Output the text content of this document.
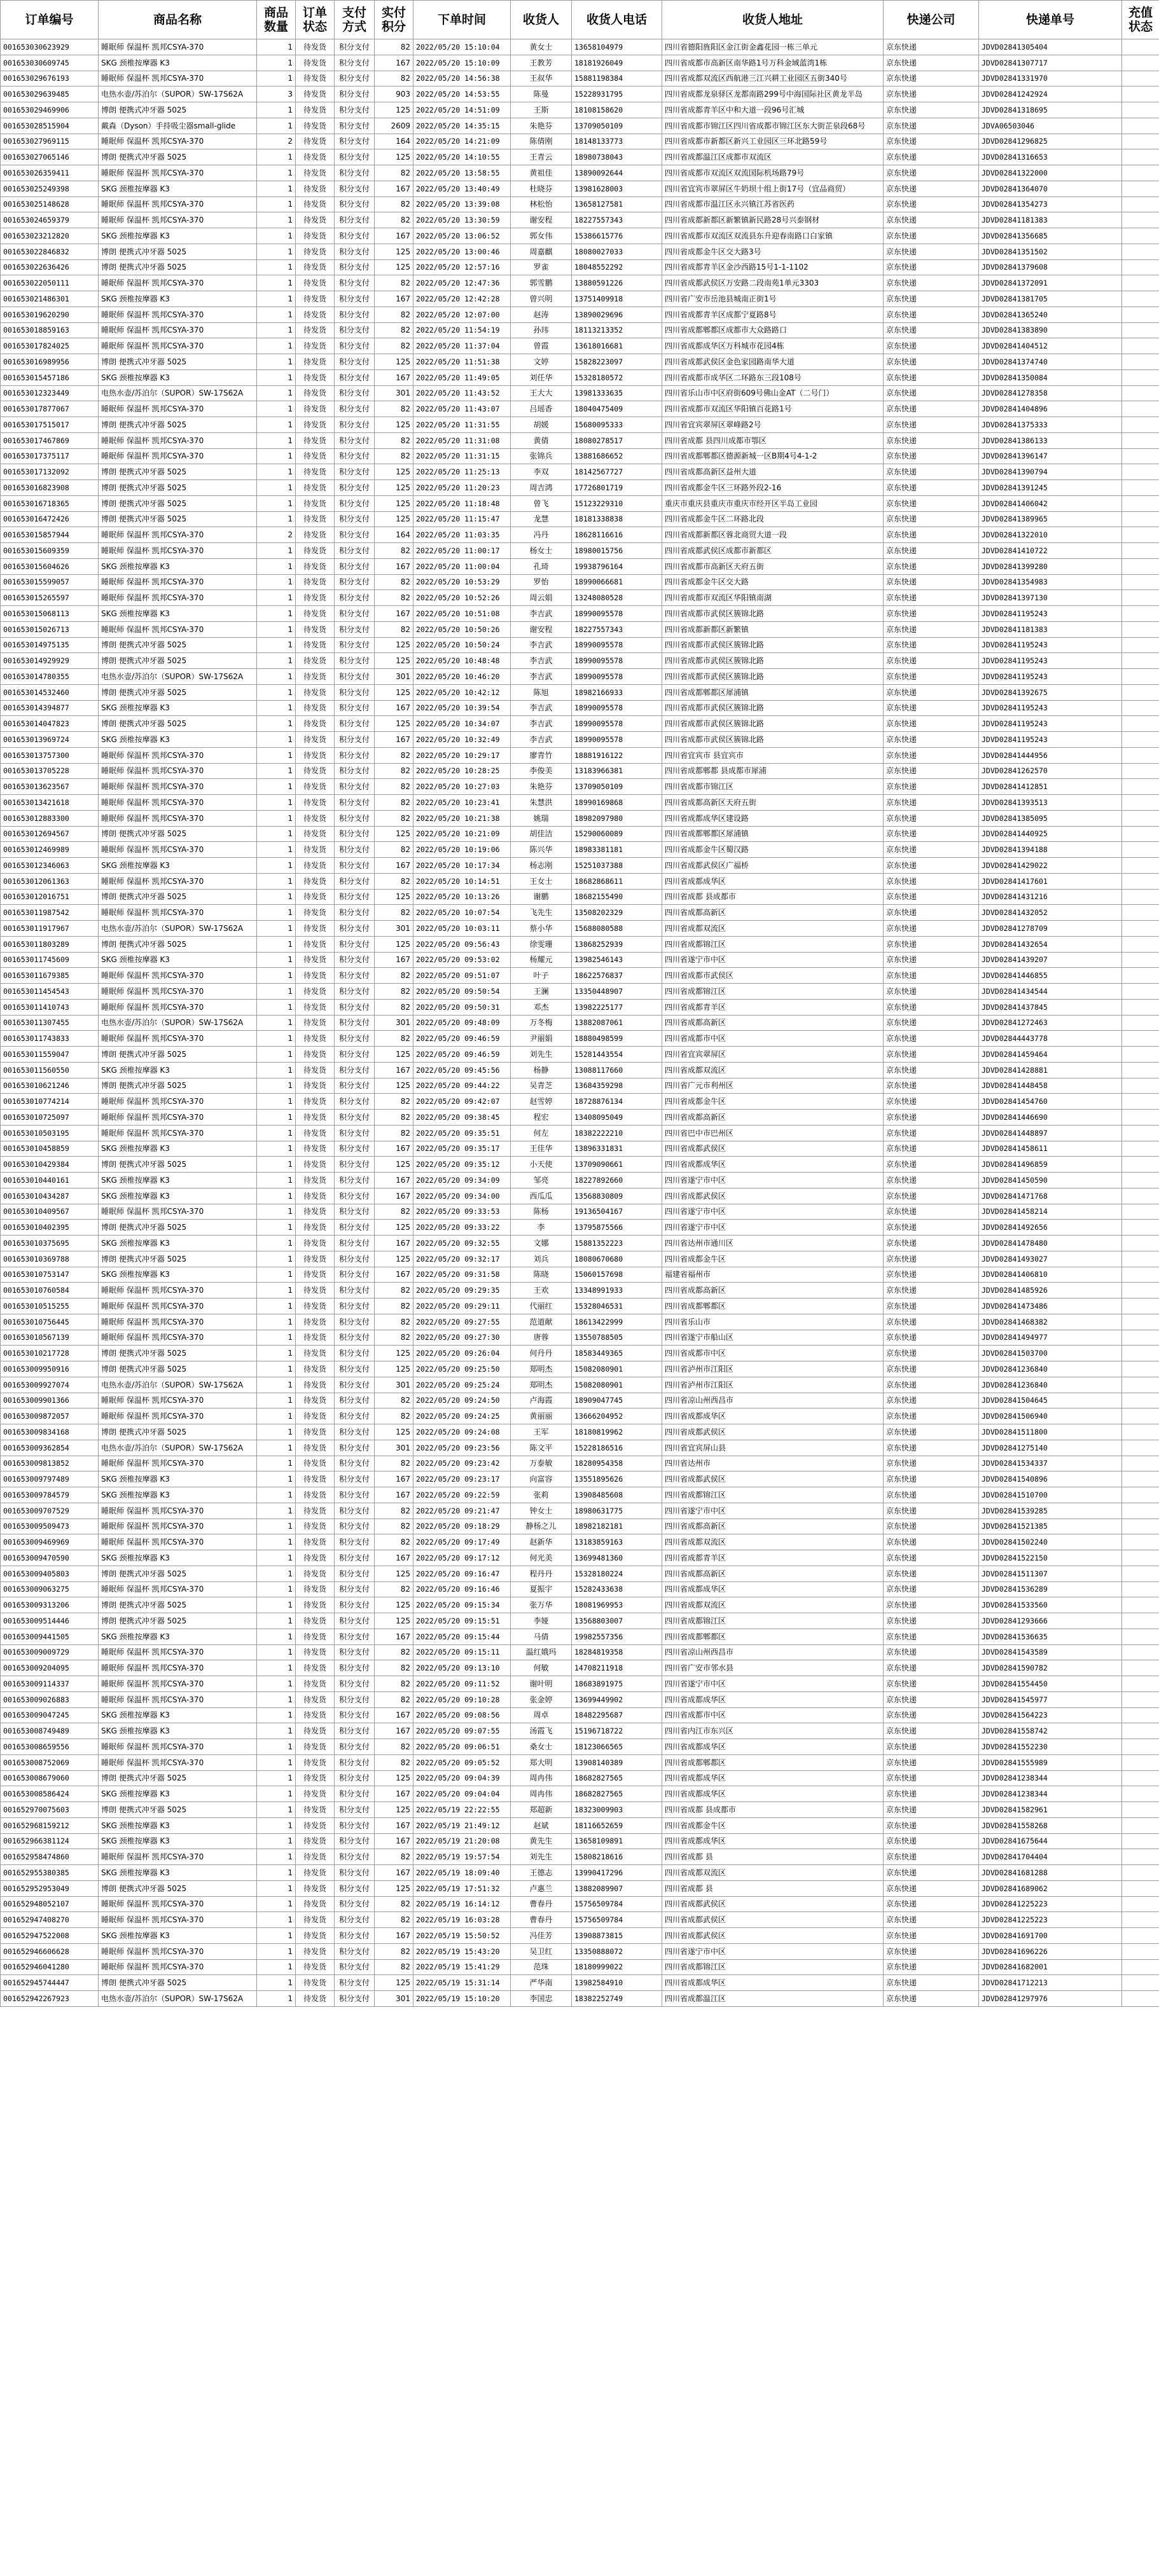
订单编号	商品名称	商品数量	订单状态	支付方式	实付积分	下单时间	收货人	收货人电话	收货人地址	快递公司	快递单号	充值状态
001653030623929	睡眠师 保温杯 凯邦CSYA-370	1	待发货	积分支付	82	2022/05/20 15:10:04	黄女士	13658104979	四川省德阳旌阳区金江街金鑫花园一栋三单元	京东快递	JDVD02841305404	
001653030609745	SKG 颈椎按摩器 K3	1	待发货	积分支付	167	2022/05/20 15:10:09	王教芳	18181926049	四川省成都市高新区南华路1号万科金域蓝湾1栋	京东快递	JDVD02841307717	
001653029676193	睡眠师 保温杯 凯邦CSYA-370	1	待发货	积分支付	82	2022/05/20 14:56:38	王叔华	15881198384	四川省成都双流区西航港三江兴耕工业园区五街340号	京东快递	JDVD02841331970	
001653029639485	电热水壶/苏泊尔（SUPOR）SW-17S62A	3	待发货	积分支付	903	2022/05/20 14:53:55	陈曼	15228931795	四川省成都龙泉驿区龙都南路299号中海国际社区黄龙半岛	京东快递	JDVD02841242924	
001653029469906	博朗 便携式冲牙器 5025	1	待发货	积分支付	125	2022/05/20 14:51:09	王斯	18108158620	四川省成都青羊区中和大道一段96号汇城	京东快递	JDVD02841318695	
001653028515904	戴森（Dyson）手持吸尘器small-glide	1	待发货	积分支付	2609	2022/05/20 14:35:15	朱艳芬	13709050109	四川省成都市锦江区四川省成都市锦江区东大街芷泉段68号	京东快递	JDVA06503046	
001653027969115	睡眠师 保温杯 凯邦CSYA-370	2	待发货	积分支付	164	2022/05/20 14:21:09	陈倩刚	18148133773	四川省成都市新都区新兴工业园区三环北路59号	京东快递	JDVD02841296825	
001653027065146	博朗 便携式冲牙器 5025	1	待发货	积分支付	125	2022/05/20 14:10:55	王青云	18980738043	四川省成都温江区成都市双流区	京东快递	JDVD02841316653	
001653026359411	睡眠师 保温杯 凯邦CSYA-370	1	待发货	积分支付	82	2022/05/20 13:58:55	黄祖佳	13890092644	四川省成都市双流区双流国际机场路79号	京东快递	JDVD02841322000	
001653025249398	SKG 颈椎按摩器 K3	1	待发货	积分支付	167	2022/05/20 13:40:49	杜晓芬	13981628003	四川省宜宾市翠屏区牛奶坝十组上街17号（宜品商贸）	京东快递	JDVD02841364070	
001653025148628	睡眠师 保温杯 凯邦CSYA-370	1	待发货	积分支付	82	2022/05/20 13:39:08	林松怡	13658127581	四川省成都市温江区永兴镇江苏省医药	京东快递	JDVD02841354273	
001653024659379	睡眠师 保温杯 凯邦CSYA-370	1	待发货	积分支付	82	2022/05/20 13:30:59	谢安程	18227557343	四川省成都新都区新繁镇新民路28号兴泰钢材	京东快递	JDVD02841181383	
001653023212820	SKG 颈椎按摩器 K3	1	待发货	积分支付	167	2022/05/20 13:06:52	郭女伟	15386615776	四川省成都市双流区双流县东升迎春南路口白家镇	京东快递	JDVD02841356685	
001653022846832	博朗 便携式冲牙器 5025	1	待发货	积分支付	125	2022/05/20 13:00:46	周嘉麒	18080027033	四川省成都金牛区交大路3号	京东快递	JDVD02841351502	
001653022636426	博朗 便携式冲牙器 5025	1	待发货	积分支付	125	2022/05/20 12:57:16	罗雀	18048552292	四川省成都青羊区金沙西路15号1-1-1102	京东快递	JDVD02841379608	
001653022050111	睡眠师 保温杯 凯邦CSYA-370	1	待发货	积分支付	82	2022/05/20 12:47:36	郭雪鹏	13880591226	四川省成都武侯区万安路二段南苑1单元3303	京东快递	JDVD02841372091	
001653021486301	SKG 颈椎按摩器 K3	1	待发货	积分支付	167	2022/05/20 12:42:28	曾兴明	13751409918	四川省广安市岳池县城南正街1号	京东快递	JDVD02841381705	
001653019620290	睡眠师 保温杯 凯邦CSYA-370	1	待发货	积分支付	82	2022/05/20 12:07:00	赵涛	13890029696	四川省成都青羊区成都宁夏路8号	京东快递	JDVD02841365240	
001653018859163	睡眠师 保温杯 凯邦CSYA-370	1	待发货	积分支付	82	2022/05/20 11:54:19	孙玮	18113213352	四川省成都郫都区成都市大众路路口	京东快递	JDVD02841383890	
001653017824025	睡眠师 保温杯 凯邦CSYA-370	1	待发货	积分支付	82	2022/05/20 11:37:04	曾霞	13618016681	四川省成都成华区万科城市花园4栋	京东快递	JDVD02841404512	
001653016989956	博朗 便携式冲牙器 5025	1	待发货	积分支付	125	2022/05/20 11:51:38	文婷	15828223097	四川省成都武侯区金色家园路南华大道	京东快递	JDVD02841374740	
001653015457186	SKG 颈椎按摩器 K3	1	待发货	积分支付	167	2022/05/20 11:49:05	刘任华	15328180572	四川省成都市成华区二环路东三段108号	京东快递	JDVD02841350084	
001653012323449	电热水壶/苏泊尔（SUPOR）SW-17S62A	1	待发货	积分支付	301	2022/05/20 11:43:52	王大大	13981333635	四川省乐山市中区府街609号佛山金AT（二号门）	京东快递	JDVD02841278358	
001653017877067	睡眠师 保温杯 凯邦CSYA-370	1	待发货	积分支付	82	2022/05/20 11:43:07	吕瑶香	18040475409	四川省成都市双流区华阳镇百花路1号	京东快递	JDVD02841404896	
001653017515017	博朗 便携式冲牙器 5025	1	待发货	积分支付	125	2022/05/20 11:31:55	胡媛	15680095333	四川省宜宾翠屏区翠峰路2号	京东快递	JDVD02841375333	
001653017467869	睡眠师 保温杯 凯邦CSYA-370	1	待发货	积分支付	82	2022/05/20 11:31:08	黄倩	18080278517	四川省成都 县四川成都市鄂区	京东快递	JDVD02841386133	
001653017375117	睡眠师 保温杯 凯邦CSYA-370	1	待发货	积分支付	82	2022/05/20 11:31:15	张锦兵	13881686652	四川省成都郫都区德源新城一区B期4号4-1-2	京东快递	JDVD02841396147	
001653017132092	博朗 便携式冲牙器 5025	1	待发货	积分支付	125	2022/05/20 11:25:13	李双	18142567727	四川省成都高新区益州大道	京东快递	JDVD02841390794	
001653016823908	博朗 便携式冲牙器 5025	1	待发货	积分支付	125	2022/05/20 11:20:23	周吉鸿	17726801719	四川省成都金牛区三环路外段2-16	京东快递	JDVD02841391245	
001653016718365	博朗 便携式冲牙器 5025	1	待发货	积分支付	125	2022/05/20 11:18:48	曾飞	15123229310	重庆市重庆县重庆市重庆市经开区半岛工业园	京东快递	JDVD02841406042	
001653016472426	博朗 便携式冲牙器 5025	1	待发货	积分支付	125	2022/05/20 11:15:47	龙慧	18181338838	四川省成都金牛区二环路北段	京东快递	JDVD02841389965	
001653015857944	睡眠师 保温杯 凯邦CSYA-370	2	待发货	积分支付	164	2022/05/20 11:03:35	冯丹	18628116616	四川省成都新都区蓉北商贸大道一段	京东快递	JDVD02841322010	
001653015609359	睡眠师 保温杯 凯邦CSYA-370	1	待发货	积分支付	82	2022/05/20 11:00:17	杨女士	18980015756	四川省成都武侯区成都市新都区	京东快递	JDVD02841410722	
001653015604626	SKG 颈椎按摩器 K3	1	待发货	积分支付	167	2022/05/20 11:00:04	孔琦	19938796164	四川省成都市高新区天府五街	京东快递	JDVD02841399280	
001653015599057	睡眠师 保温杯 凯邦CSYA-370	1	待发货	积分支付	82	2022/05/20 10:53:29	罗怡	18990066681	四川省成都金牛区交大路	京东快递	JDVD02841354983	
001653015265597	睡眠师 保温杯 凯邦CSYA-370	1	待发货	积分支付	82	2022/05/20 10:52:26	周云娟	13248080528	四川省成都市双流区华阳镇南湖	京东快递	JDVD02841397130	
001653015068113	SKG 颈椎按摩器 K3	1	待发货	积分支付	167	2022/05/20 10:51:08	李吉武	18990095578	四川省成都市武侯区簇锦北路	京东快递	JDVD02841195243	
001653015026713	睡眠师 保温杯 凯邦CSYA-370	1	待发货	积分支付	82	2022/05/20 10:50:26	谢安程	18227557343	四川省成都新都区新繁镇	京东快递	JDVD02841181383	
001653014975135	博朗 便携式冲牙器 5025	1	待发货	积分支付	125	2022/05/20 10:50:24	李吉武	18990095578	四川省成都市武侯区簇锦北路	京东快递	JDVD02841195243	
001653014929929	博朗 便携式冲牙器 5025	1	待发货	积分支付	125	2022/05/20 10:48:48	李吉武	18990095578	四川省成都市武侯区簇锦北路	京东快递	JDVD02841195243	
001653014780355	电热水壶/苏泊尔（SUPOR）SW-17S62A	1	待发货	积分支付	301	2022/05/20 10:46:20	李吉武	18990095578	四川省成都市武侯区簇锦北路	京东快递	JDVD02841195243	
001653014532460	博朗 便携式冲牙器 5025	1	待发货	积分支付	125	2022/05/20 10:42:12	陈旭	18982166933	四川省成都郫都区犀浦镇	京东快递	JDVD02841392675	
001653014394877	SKG 颈椎按摩器 K3	1	待发货	积分支付	167	2022/05/20 10:39:54	李吉武	18990095578	四川省成都市武侯区簇锦北路	京东快递	JDVD02841195243	
001653014047823	博朗 便携式冲牙器 5025	1	待发货	积分支付	125	2022/05/20 10:34:07	李吉武	18990095578	四川省成都市武侯区簇锦北路	京东快递	JDVD02841195243	
001653013969724	SKG 颈椎按摩器 K3	1	待发货	积分支付	167	2022/05/20 10:32:49	李吉武	18990095578	四川省成都市武侯区簇锦北路	京东快递	JDVD02841195243	
001653013757300	睡眠师 保温杯 凯邦CSYA-370	1	待发货	积分支付	82	2022/05/20 10:29:17	廖青竹	18881916122	四川省宜宾市 县宜宾市	京东快递	JDVD02841444956	
001653013705228	睡眠师 保温杯 凯邦CSYA-370	1	待发货	积分支付	82	2022/05/20 10:28:25	李俊美	13183966381	四川省成都郫都 县成都市犀浦	京东快递	JDVD02841262570	
001653013623567	睡眠师 保温杯 凯邦CSYA-370	1	待发货	积分支付	82	2022/05/20 10:27:03	朱艳芬	13709050109	四川省成都市锦江区	京东快递	JDVD02841412851	
001653013421618	睡眠师 保温杯 凯邦CSYA-370	1	待发货	积分支付	82	2022/05/20 10:23:41	朱慧洪	18990169868	四川省成都高新区天府五街	京东快递	JDVD02841393513	
001653012883300	睡眠师 保温杯 凯邦CSYA-370	1	待发货	积分支付	82	2022/05/20 10:21:38	姚瑞	18982097980	四川省成都成华区建设路	京东快递	JDVD02841385095	
001653012694567	博朗 便携式冲牙器 5025	1	待发货	积分支付	125	2022/05/20 10:21:09	胡佳洁	15290060089	四川省成都郫都区犀浦镇	京东快递	JDVD02841440925	
001653012469989	睡眠师 保温杯 凯邦CSYA-370	1	待发货	积分支付	82	2022/05/20 10:19:06	陈兴华	18983381181	四川省成都金牛区蜀汉路	京东快递	JDVD02841394188	
001653012346063	SKG 颈椎按摩器 K3	1	待发货	积分支付	167	2022/05/20 10:17:34	杨志刚	15251037388	四川省成都武侯区广福桥	京东快递	JDVD02841429022	
001653012061363	睡眠师 保温杯 凯邦CSYA-370	1	待发货	积分支付	82	2022/05/20 10:14:51	王女士	18682868611	四川省成都成华区	京东快递	JDVD02841417601	
001653012016751	博朗 便携式冲牙器 5025	1	待发货	积分支付	125	2022/05/20 10:13:26	谢鹏	18682155490	四川省成都 县成都市	京东快递	JDVD02841431216	
001653011987542	睡眠师 保温杯 凯邦CSYA-370	1	待发货	积分支付	82	2022/05/20 10:07:54	飞先生	13508202329	四川省成都高新区	京东快递	JDVD02841432052	
001653011917967	电热水壶/苏泊尔（SUPOR）SW-17S62A	1	待发货	积分支付	301	2022/05/20 10:03:11	蔡小华	15688080588	四川省成都双流区	京东快递	JDVD02841278709	
001653011803289	博朗 便携式冲牙器 5025	1	待发货	积分支付	125	2022/05/20 09:56:43	徐雯珊	13868252939	四川省成都锦江区	京东快递	JDVD02841432654	
001653011745609	SKG 颈椎按摩器 K3	1	待发货	积分支付	167	2022/05/20 09:53:02	杨耀元	13982546143	四川省遂宁市中区	京东快递	JDVD02841439207	
001653011679385	睡眠师 保温杯 凯邦CSYA-370	1	待发货	积分支付	82	2022/05/20 09:51:07	叶子	18622576837	四川省成都市武侯区	京东快递	JDVD02841446855	
001653011454543	睡眠师 保温杯 凯邦CSYA-370	1	待发货	积分支付	82	2022/05/20 09:50:54	王澜	13350448907	四川省成都锦江区	京东快递	JDVD02841434544	
001653011410743	睡眠师 保温杯 凯邦CSYA-370	1	待发货	积分支付	82	2022/05/20 09:50:31	邓杰	13982225177	四川省成都青羊区	京东快递	JDVD02841437845	
001653011307455	电热水壶/苏泊尔（SUPOR）SW-17S62A	1	待发货	积分支付	301	2022/05/20 09:48:09	万冬梅	13882087061	四川省成都高新区	京东快递	JDVD02841272463	
001653011743833	睡眠师 保温杯 凯邦CSYA-370	1	待发货	积分支付	82	2022/05/20 09:46:59	尹丽娟	18880498599	四川省成都市中区	京东快递	JDVD02844443778	
001653011559047	博朗 便携式冲牙器 5025	1	待发货	积分支付	125	2022/05/20 09:46:59	刘先生	15281443554	四川省宜宾翠屏区	京东快递	JDVD02841459464	
001653011560550	SKG 颈椎按摩器 K3	1	待发货	积分支付	167	2022/05/20 09:45:56	杨静	13088117660	四川省成都双流区	京东快递	JDVD02841428881	
001653010621246	博朗 便携式冲牙器 5025	1	待发货	积分支付	125	2022/05/20 09:44:22	吴青芝	13684359298	四川省广元市利州区	京东快递	JDVD02841448458	
001653010774214	睡眠师 保温杯 凯邦CSYA-370	1	待发货	积分支付	82	2022/05/20 09:42:07	赵雪婷	18728876134	四川省成都金牛区	京东快递	JDVD02841454760	
001653010725097	睡眠师 保温杯 凯邦CSYA-370	1	待发货	积分支付	82	2022/05/20 09:38:45	程宏	13408095049	四川省成都高新区	京东快递	JDVD02841446690	
001653010503195	睡眠师 保温杯 凯邦CSYA-370	1	待发货	积分支付	82	2022/05/20 09:35:51	何左	18382222210	四川省巴中市巴州区	京东快递	JDVD02841448897	
001653010458859	SKG 颈椎按摩器 K3	1	待发货	积分支付	167	2022/05/20 09:35:17	王佳华	13896331831	四川省成都武侯区	京东快递	JDVD02841458611	
001653010429384	博朗 便携式冲牙器 5025	1	待发货	积分支付	125	2022/05/20 09:35:12	小天使	13709090661	四川省成都成华区	京东快递	JDVD02841496859	
001653010440161	SKG 颈椎按摩器 K3	1	待发货	积分支付	167	2022/05/20 09:34:09	邹亮	18227892660	四川省遂宁市中区	京东快递	JDVD02841450590	
001653010434287	SKG 颈椎按摩器 K3	1	待发货	积分支付	167	2022/05/20 09:34:00	西瓜瓜	13568830809	四川省成都武侯区	京东快递	JDVD02841471768	
001653010409567	睡眠师 保温杯 凯邦CSYA-370	1	待发货	积分支付	82	2022/05/20 09:33:53	陈杨	19136504167	四川省遂宁市中区	京东快递	JDVD02841458214	
001653010402395	博朗 便携式冲牙器 5025	1	待发货	积分支付	125	2022/05/20 09:33:22	李	13795875566	四川省遂宁市中区	京东快递	JDVD02841492656	
001653010375695	SKG 颈椎按摩器 K3	1	待发货	积分支付	167	2022/05/20 09:32:55	文娜	15881352223	四川省达州市通川区	京东快递	JDVD02841478480	
001653010369788	博朗 便携式冲牙器 5025	1	待发货	积分支付	125	2022/05/20 09:32:17	刘兵	18080670680	四川省成都金牛区	京东快递	JDVD02841493027	
001653010753147	SKG 颈椎按摩器 K3	1	待发货	积分支付	167	2022/05/20 09:31:58	陈晓	15060157698	福建省福州市	京东快递	JDVD02841406810	
001653010760584	睡眠师 保温杯 凯邦CSYA-370	1	待发货	积分支付	82	2022/05/20 09:29:35	王欢	13348991933	四川省成都高新区	京东快递	JDVD02841485926	
001653010515255	睡眠师 保温杯 凯邦CSYA-370	1	待发货	积分支付	82	2022/05/20 09:29:11	代丽红	15328046531	四川省成都郫都区	京东快递	JDVD02841473486	
001653010756445	睡眠师 保温杯 凯邦CSYA-370	1	待发货	积分支付	82	2022/05/20 09:27:55	范道献	18613422999	四川省乐山市	京东快递	JDVD02841468382	
001653010567139	睡眠师 保温杯 凯邦CSYA-370	1	待发货	积分支付	82	2022/05/20 09:27:30	唐蓉	13550788505	四川省遂宁市船山区	京东快递	JDVD02841494977	
001653010217728	博朗 便携式冲牙器 5025	1	待发货	积分支付	125	2022/05/20 09:26:04	何丹丹	18583449365	四川省成都市中区	京东快递	JDVD02841503700	
001653009950916	博朗 便携式冲牙器 5025	1	待发货	积分支付	125	2022/05/20 09:25:50	郑明杰	15082080901	四川省泸州市江阳区	京东快递	JDVD02841236840	
001653009927074	电热水壶/苏泊尔（SUPOR）SW-17S62A	1	待发货	积分支付	301	2022/05/20 09:25:24	郑明杰	15082080901	四川省泸州市江阳区	京东快递	JDVD02841236840	
001653009901366	睡眠师 保温杯 凯邦CSYA-370	1	待发货	积分支付	82	2022/05/20 09:24:50	卢海霞	18909047745	四川省凉山州西昌市	京东快递	JDVD02841504645	
001653009872057	睡眠师 保温杯 凯邦CSYA-370	1	待发货	积分支付	82	2022/05/20 09:24:25	黄丽丽	13666204952	四川省成都成华区	京东快递	JDVD02841506940	
001653009834168	博朗 便携式冲牙器 5025	1	待发货	积分支付	125	2022/05/20 09:24:08	王军	18180819962	四川省成都武侯区	京东快递	JDVD02841511800	
001653009362854	电热水壶/苏泊尔（SUPOR）SW-17S62A	1	待发货	积分支付	301	2022/05/20 09:23:56	陈文平	15228186516	四川省宜宾屏山县	京东快递	JDVD02841275140	
001653009813852	睡眠师 保温杯 凯邦CSYA-370	1	待发货	积分支付	82	2022/05/20 09:23:42	万泰敏	18280954358	四川省达州市	京东快递	JDVD02841534337	
001653009797489	SKG 颈椎按摩器 K3	1	待发货	积分支付	167	2022/05/20 09:23:17	向富容	13551895626	四川省成都武侯区	京东快递	JDVD02841540896	
001653009784579	SKG 颈椎按摩器 K3	1	待发货	积分支付	167	2022/05/20 09:22:59	张莉	13908485608	四川省成都锦江区	京东快递	JDVD02841510700	
001653009707529	睡眠师 保温杯 凯邦CSYA-370	1	待发货	积分支付	82	2022/05/20 09:21:47	钟女士	18980631775	四川省遂宁市中区	京东快递	JDVD02841539285	
001653009509473	睡眠师 保温杯 凯邦CSYA-370	1	待发货	积分支付	82	2022/05/20 09:18:29	静杨之儿	18982182181	四川省成都高新区	京东快递	JDVD02841521385	
001653009469969	睡眠师 保温杯 凯邦CSYA-370	1	待发货	积分支付	82	2022/05/20 09:17:49	赵新华	13183859163	四川省成都双流区	京东快递	JDVD02841502240	
001653009470590	SKG 颈椎按摩器 K3	1	待发货	积分支付	167	2022/05/20 09:17:12	何光美	13699481360	四川省成都青羊区	京东快递	JDVD02841522150	
001653009405803	博朗 便携式冲牙器 5025	1	待发货	积分支付	125	2022/05/20 09:16:47	程丹丹	15328180224	四川省成都高新区	京东快递	JDVD02841511307	
001653009063275	睡眠师 保温杯 凯邦CSYA-370	1	待发货	积分支付	82	2022/05/20 09:16:46	夏振宇	15282433638	四川省成都成华区	京东快递	JDVD02841536289	
001653009313206	博朗 便携式冲牙器 5025	1	待发货	积分支付	125	2022/05/20 09:15:34	张万华	18081969953	四川省成都双流区	京东快递	JDVD02841533560	
001653009514446	博朗 便携式冲牙器 5025	1	待发货	积分支付	125	2022/05/20 09:15:51	李娅	13568803007	四川省成都锦江区	京东快递	JDVD02841293666	
001653009441505	SKG 颈椎按摩器 K3	1	待发货	积分支付	167	2022/05/20 09:15:44	马倩	19982557356	四川省成都郫都区	京东快递	JDVD02841536635	
001653009009729	睡眠师 保温杯 凯邦CSYA-370	1	待发货	积分支付	82	2022/05/20 09:15:11	温红娥玛	18284819358	四川省凉山州西昌市	京东快递	JDVD02841543589	
001653009204095	睡眠师 保温杯 凯邦CSYA-370	1	待发货	积分支付	82	2022/05/20 09:13:10	何敏	14708211918	四川省广安市邻水县	京东快递	JDVD02841590782	
001653009114337	睡眠师 保温杯 凯邦CSYA-370	1	待发货	积分支付	82	2022/05/20 09:11:52	谢叶明	18683891975	四川省遂宁市中区	京东快递	JDVD02841554450	
001653009026883	睡眠师 保温杯 凯邦CSYA-370	1	待发货	积分支付	82	2022/05/20 09:10:28	张金婷	13699449902	四川省成都成华区	京东快递	JDVD02841545977	
001653009047245	SKG 颈椎按摩器 K3	1	待发货	积分支付	167	2022/05/20 09:08:56	周卓	18482295687	四川省成都市中区	京东快递	JDVD02841564223	
001653008749489	SKG 颈椎按摩器 K3	1	待发货	积分支付	167	2022/05/20 09:07:55	汤霞飞	15196718722	四川省内江市东兴区	京东快递	JDVD02841558742	
001653008659556	睡眠师 保温杯 凯邦CSYA-370	1	待发货	积分支付	82	2022/05/20 09:06:51	桑女士	18123066565	四川省成都成华区	京东快递	JDVD02841552230	
001653008752069	睡眠师 保温杯 凯邦CSYA-370	1	待发货	积分支付	82	2022/05/20 09:05:52	郑大明	13908140389	四川省成都郫都区	京东快递	JDVD02841555989	
001653008679060	博朗 便携式冲牙器 5025	1	待发货	积分支付	125	2022/05/20 09:04:39	周冉伟	18682827565	四川省成都成华区	京东快递	JDVD02841238344	
001653008586424	SKG 颈椎按摩器 K3	1	待发货	积分支付	167	2022/05/20 09:04:04	周冉伟	18682827565	四川省成都成华区	京东快递	JDVD02841238344	
001652970075603	博朗 便携式冲牙器 5025	1	待发货	积分支付	125	2022/05/19 22:22:55	郑超新	18323009903	四川省成都 县成都市	京东快递	JDVD02841582961	
001652968159212	SKG 颈椎按摩器 K3	1	待发货	积分支付	167	2022/05/19 21:49:12	赵斌	18116652659	四川省成都金牛区	京东快递	JDVD02841558268	
001652966381124	SKG 颈椎按摩器 K3	1	待发货	积分支付	167	2022/05/19 21:20:08	黄先生	13658109891	四川省成都成华区	京东快递	JDVD02841675644	
001652958474860	睡眠师 保温杯 凯邦CSYA-370	1	待发货	积分支付	82	2022/05/19 19:57:54	刘先生	15808218616	四川省成都 县	京东快递	JDVD02841704404	
001652955380385	SKG 颈椎按摩器 K3	1	待发货	积分支付	167	2022/05/19 18:09:40	王德志	13990417296	四川省成都双流区	京东快递	JDVD02841681288	
001652952953049	博朗 便携式冲牙器 5025	1	待发货	积分支付	125	2022/05/19 17:51:32	卢惠兰	13882089907	四川省成都 县	京东快递	JDVD02841689062	
001652948052107	睡眠师 保温杯 凯邦CSYA-370	1	待发货	积分支付	82	2022/05/19 16:14:12	曹春丹	15756509784	四川省成都武侯区	京东快递	JDVD02841225223	
001652947408270	睡眠师 保温杯 凯邦CSYA-370	1	待发货	积分支付	82	2022/05/19 16:03:28	曹春丹	15756509784	四川省成都武侯区	京东快递	JDVD02841225223	
001652947522008	SKG 颈椎按摩器 K3	1	待发货	积分支付	167	2022/05/19 15:50:52	冯佳芳	13908873815	四川省成都武侯区	京东快递	JDVD02841691700	
001652946606628	睡眠师 保温杯 凯邦CSYA-370	1	待发货	积分支付	82	2022/05/19 15:43:20	吴卫红	13350888072	四川省遂宁市中区	京东快递	JDVD02841696226	
001652946041280	睡眠师 保温杯 凯邦CSYA-370	1	待发货	积分支付	82	2022/05/19 15:41:29	范珠	18180999022	四川省成都锦江区	京东快递	JDVD02841682001	
001652945744447	博朗 便携式冲牙器 5025	1	待发货	积分支付	125	2022/05/19 15:31:14	严华南	13982584910	四川省成都成华区	京东快递	JDVD02841712213	
001652942267923	电热水壶/苏泊尔（SUPOR）SW-17S62A	1	待发货	积分支付	301	2022/05/19 15:10:20	李国忠	18382252749	四川省成都温江区	京东快递	JDVD02841297976	
